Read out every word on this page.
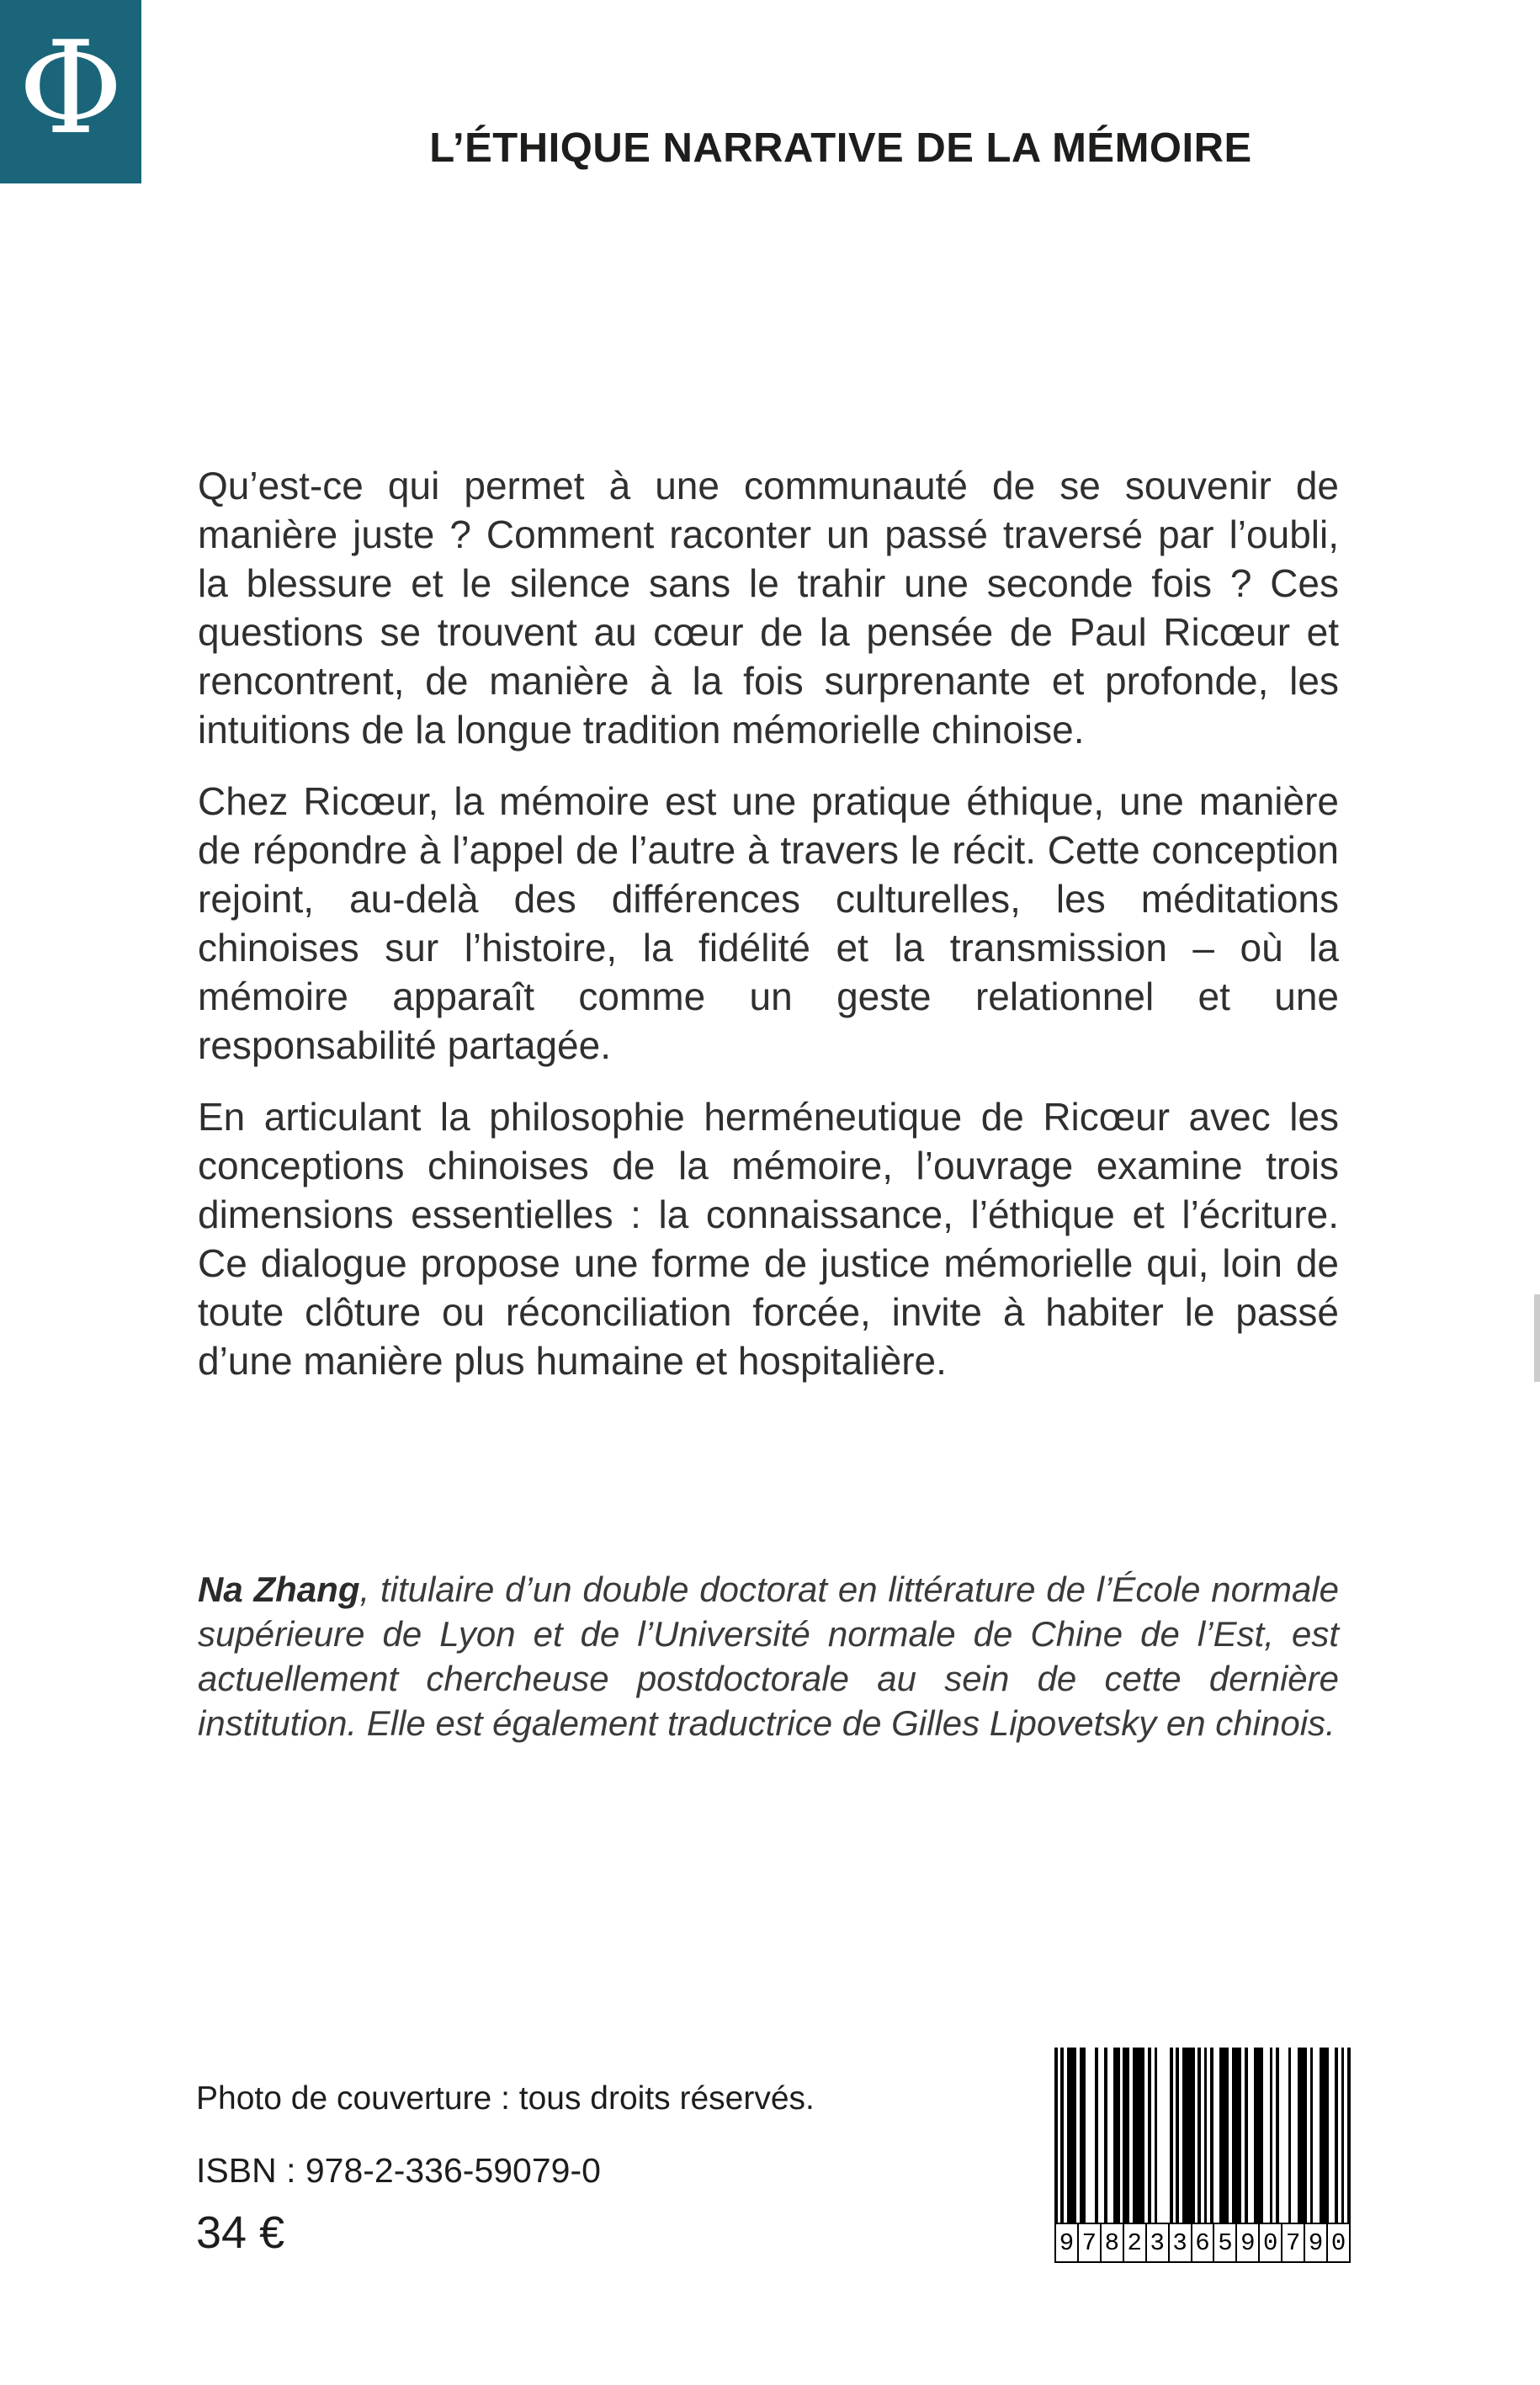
Φ	L’ÉTHIQUE NARRATIVE DE LA MÉMOIRE

Qu’est-ce qui permet à une communauté de se souvenir de manière juste ? Comment raconter un passé traversé par l’oubli, la blessure et le silence sans le trahir une seconde fois ? Ces questions se trouvent au cœur de la pensée de Paul Ricœur et rencontrent, de manière à la fois surprenante et profonde, les intuitions de la longue tradition mémorielle chinoise.

Chez Ricœur, la mémoire est une pratique éthique, une manière de répondre à l’appel de l’autre à travers le récit. Cette conception rejoint, au-delà des différences culturelles, les méditations chinoises sur l’histoire, la fidélité et la transmission – où la mémoire apparaît comme un geste relationnel et une responsabilité partagée.

En articulant la philosophie herméneutique de Ricœur avec les conceptions chinoises de la mémoire, l’ouvrage examine trois dimensions essentielles : la connaissance, l’éthique et l’écriture. Ce dialogue propose une forme de justice mémorielle qui, loin de toute clôture ou réconciliation forcée, invite à habiter le passé d’une manière plus humaine et hospitalière.

Na Zhang, titulaire d’un double doctorat en littérature de l’École normale supérieure de Lyon et de l’Université normale de Chine de l’Est, est actuellement chercheuse postdoctorale au sein de cette dernière institution. Elle est également traductrice de Gilles Lipovetsky en chinois.

Photo de couverture : tous droits réservés.
ISBN : 978-2-336-59079-0
34 €	9 7 8 2 3 3 6 5 9 0 7 9 0
